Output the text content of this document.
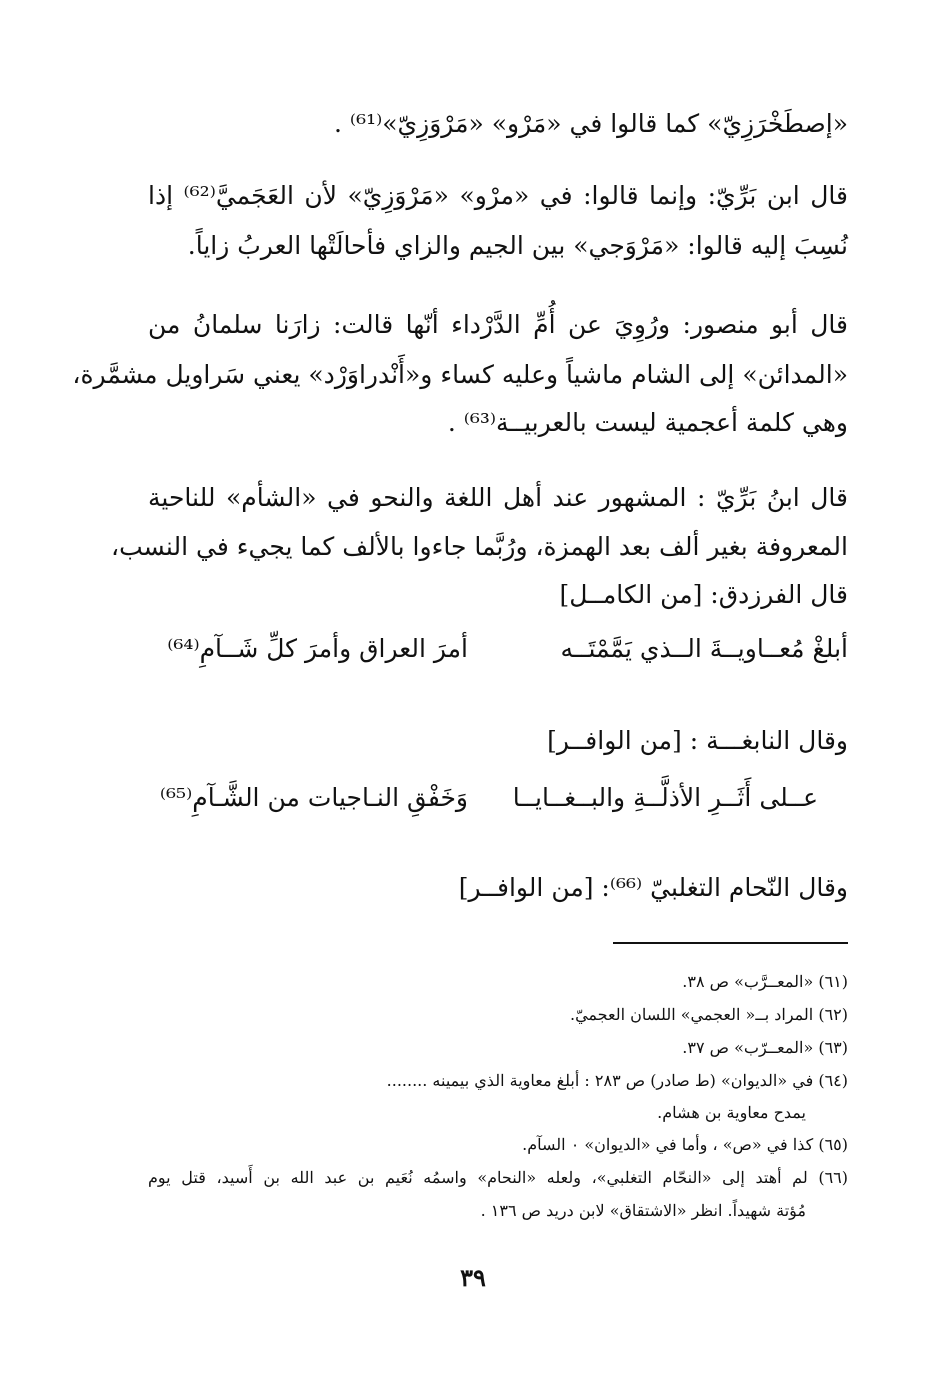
«إصطَخْرَزِيّ» كما قالوا في «مَرْو» «مَرْوَزِيّ»⁽⁶¹⁾ .
قال ابن بَرِّيّ: وإنما قالوا: في «مرْو» «مَرْوَزِيّ» لأن العَجَميَّ⁽⁶²⁾ إذا
نُسِبَ إليه قالوا: «مَرْوَجي» بين الجيم والزاي فأحالَتْها العربُ زاياً.
قال أبو منصور: ورُوِيَ عن أُمِّ الدَّرْداء أنّها قالت: زارَنا سلمانُ من
«المدائن» إلى الشام ماشياً وعليه كساء و«أَنْدراوَرْد» يعني سَراويل مشمَّرة،
وهي كلمة أعجمية ليست بالعربيــة⁽⁶³⁾ .
قال ابنُ بَرِّيّ : المشهور عند أهل اللغة والنحو في «الشأم» للناحية
المعروفة بغير ألف بعد الهمزة، ورُبَّما جاءوا بالألف كما يجيء في النسب،
قال الفرزدق: [من الكامــل]
أبلغْ مُعــاويــةَ الــذي يَمَّمْتَــه
أمرَ العراق وأمرَ كلِّ شَــآمِ⁽⁶⁴⁾
وقال النابغـــة : [من الوافــر]
عــلى أَثَــرِ الأذلَّــةِ والبــغــايــا
وَخَفْقِ النـاجيات من الشَّـآمِ⁽⁶⁵⁾
وقال النّحام التغلبيّ ⁽⁶⁶⁾: [من الوافــر]
(٦١) «المعــرَّب» ص ٣٨.
(٦٢) المراد بــ« العجمي» اللسان العجميّ.
(٦٣) «المعــرّب» ص ٣٧.
(٦٤) في «الديوان» (ط صادر) ص ٢٨٣ : أبلغ معاوية الذي بيمينه ........
يمدح معاوية بن هشام.
(٦٥) كذا في «ص» ، وأما في «الديوان» ٠ السآم.
(٦٦) لم أهتد إلى «النحّام التغلبي»، ولعله «النحام» واسمُه نُعَيم بن عبد الله بن أَسيد، قتل يوم
مُؤتة شهيداً. انظر «الاشتقاق» لابن دريد ص ١٣٦ .
٣٩
